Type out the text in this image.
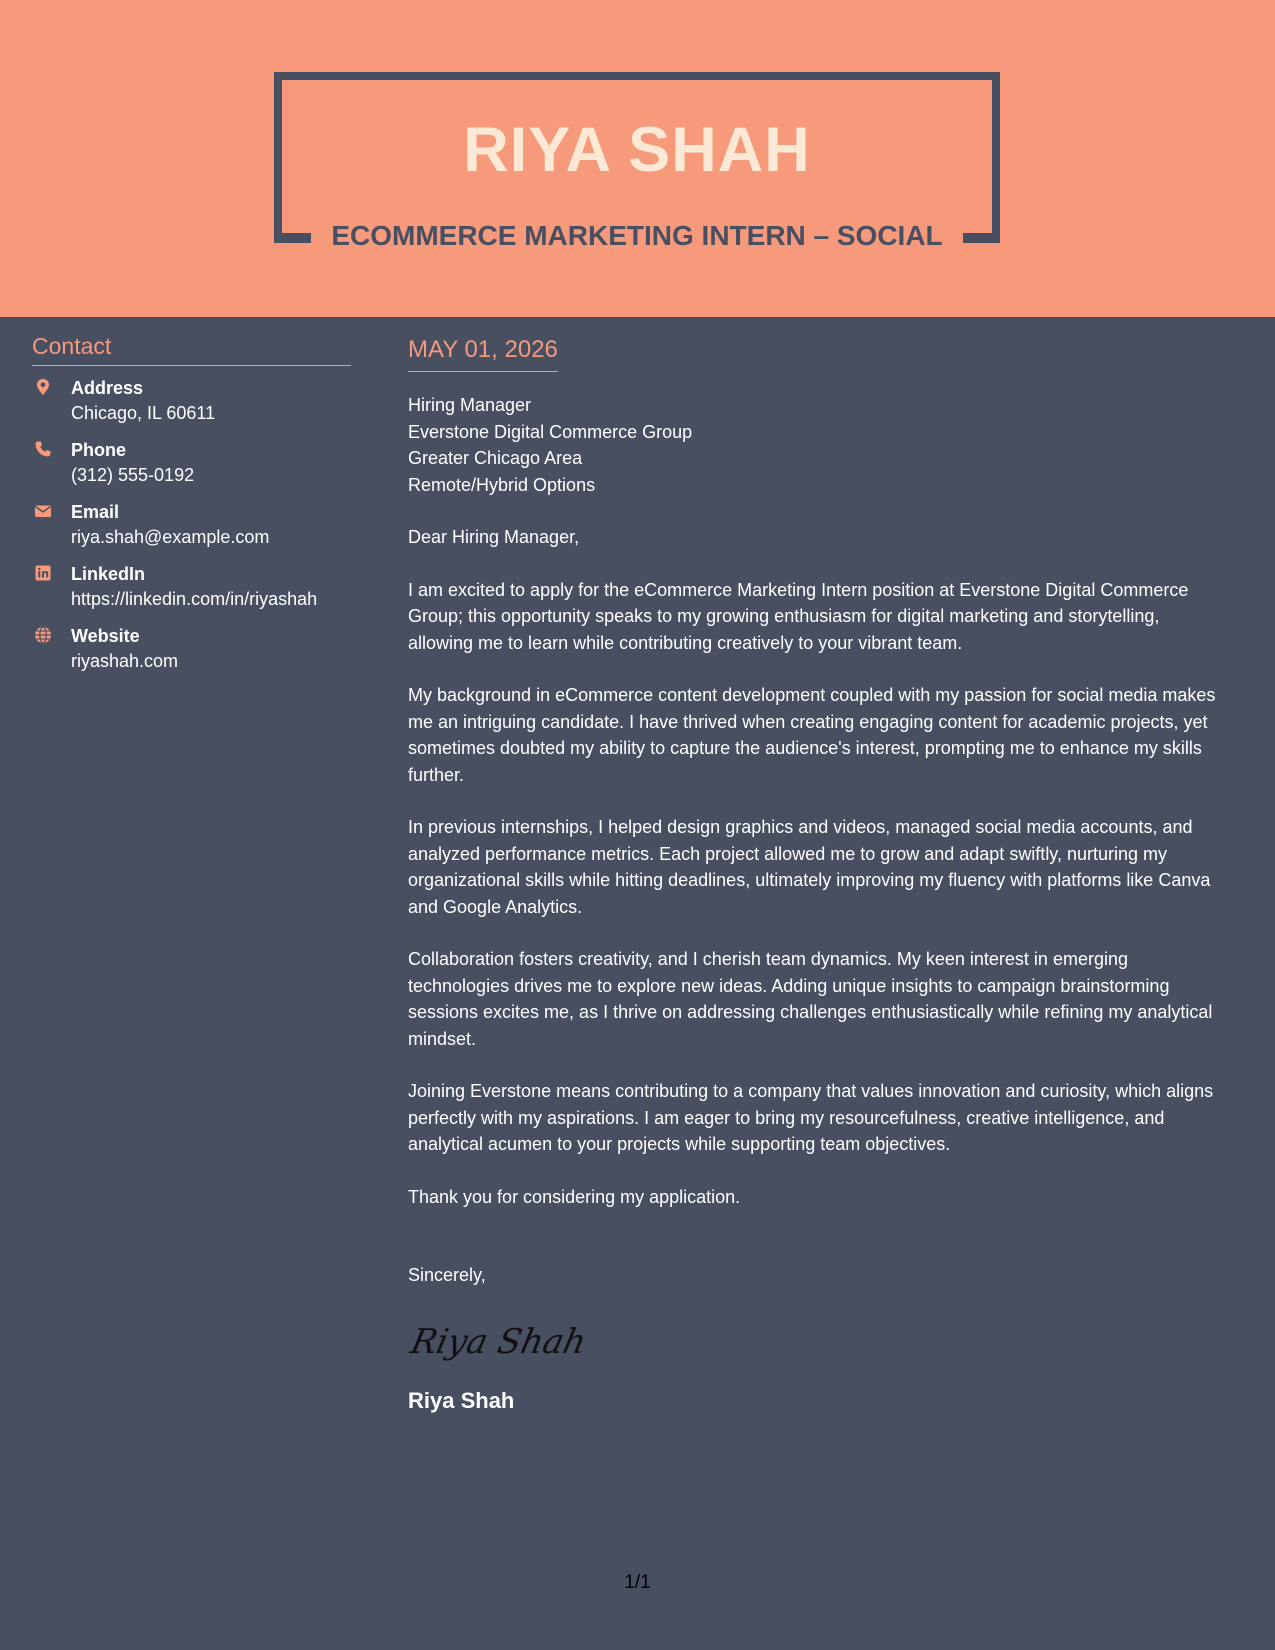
RIYA SHAH
ECOMMERCE MARKETING INTERN – SOCIAL
Contact
Address
Chicago, IL 60611
Phone
(312) 555-0192
Email
riya.shah@example.com
LinkedIn
https://linkedin.com/in/riyashah
Website
riyashah.com
MAY 01, 2026
Hiring Manager
Everstone Digital Commerce Group
Greater Chicago Area
Remote/Hybrid Options
Dear Hiring Manager,
I am excited to apply for the eCommerce Marketing Intern position at Everstone Digital Commerce Group; this opportunity speaks to my growing enthusiasm for digital marketing and storytelling, allowing me to learn while contributing creatively to your vibrant team.
My background in eCommerce content development coupled with my passion for social media makes me an intriguing candidate. I have thrived when creating engaging content for academic projects, yet sometimes doubted my ability to capture the audience's interest, prompting me to enhance my skills further.
In previous internships, I helped design graphics and videos, managed social media accounts, and analyzed performance metrics. Each project allowed me to grow and adapt swiftly, nurturing my organizational skills while hitting deadlines, ultimately improving my fluency with platforms like Canva and Google Analytics.
Collaboration fosters creativity, and I cherish team dynamics. My keen interest in emerging technologies drives me to explore new ideas. Adding unique insights to campaign brainstorming sessions excites me, as I thrive on addressing challenges enthusiastically while refining my analytical mindset.
Joining Everstone means contributing to a company that values innovation and curiosity, which aligns perfectly with my aspirations. I am eager to bring my resourcefulness, creative intelligence, and analytical acumen to your projects while supporting team objectives.
Thank you for considering my application.
Sincerely,
Riya Shah
Riya Shah
1/1
